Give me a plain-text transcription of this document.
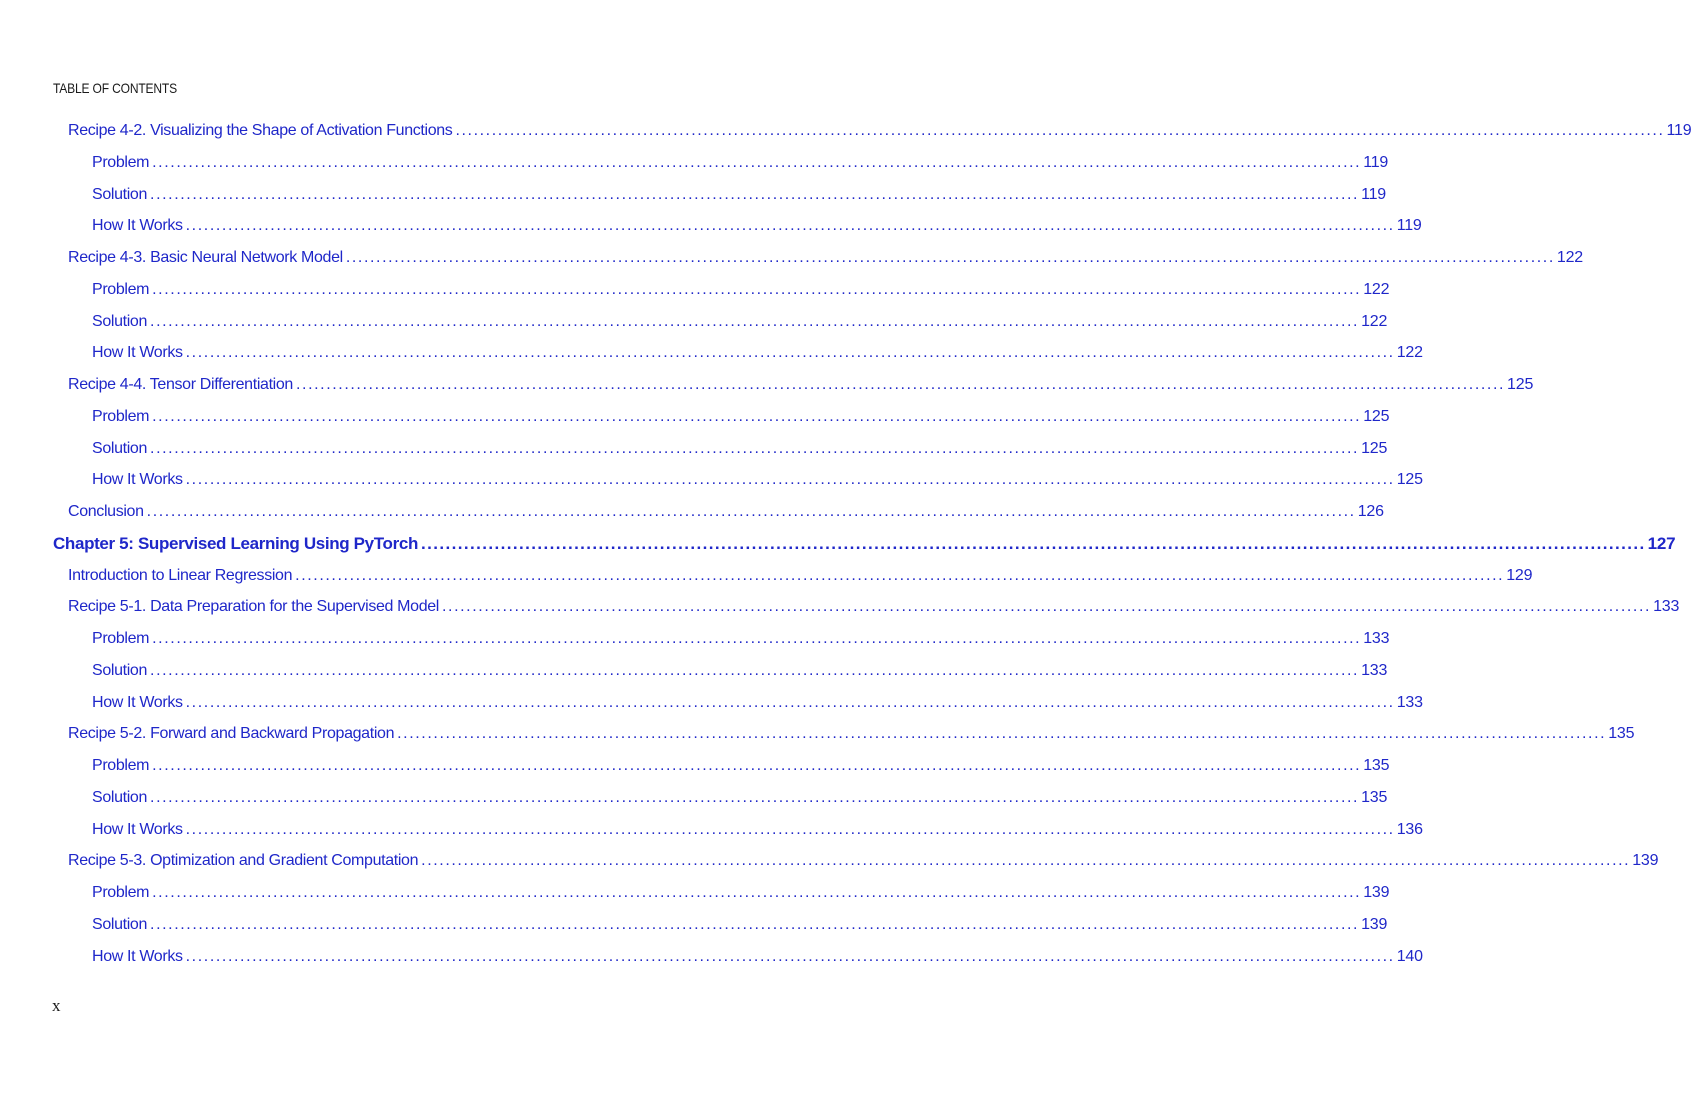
TABLE OF CONTENTS
Recipe 4-2. Visualizing the Shape of Activation Functions ........................................................................................................................................................................................................ 119
Problem ........................................................................................................................................................................................................ 119
Solution ........................................................................................................................................................................................................ 119
How It Works ........................................................................................................................................................................................................ 119
Recipe 4-3. Basic Neural Network Model ........................................................................................................................................................................................................ 122
Problem ........................................................................................................................................................................................................ 122
Solution ........................................................................................................................................................................................................ 122
How It Works ........................................................................................................................................................................................................ 122
Recipe 4-4. Tensor Differentiation ........................................................................................................................................................................................................ 125
Problem ........................................................................................................................................................................................................ 125
Solution ........................................................................................................................................................................................................ 125
How It Works ........................................................................................................................................................................................................ 125
Conclusion ........................................................................................................................................................................................................ 126
Chapter 5: Supervised Learning Using PyTorch ........................................................................................................................................................................................................ 127
Introduction to Linear Regression ........................................................................................................................................................................................................ 129
Recipe 5-1. Data Preparation for the Supervised Model ........................................................................................................................................................................................................ 133
Problem ........................................................................................................................................................................................................ 133
Solution ........................................................................................................................................................................................................ 133
How It Works ........................................................................................................................................................................................................ 133
Recipe 5-2. Forward and Backward Propagation ........................................................................................................................................................................................................ 135
Problem ........................................................................................................................................................................................................ 135
Solution ........................................................................................................................................................................................................ 135
How It Works ........................................................................................................................................................................................................ 136
Recipe 5-3. Optimization and Gradient Computation ........................................................................................................................................................................................................ 139
Problem ........................................................................................................................................................................................................ 139
Solution ........................................................................................................................................................................................................ 139
How It Works ........................................................................................................................................................................................................ 140
x
